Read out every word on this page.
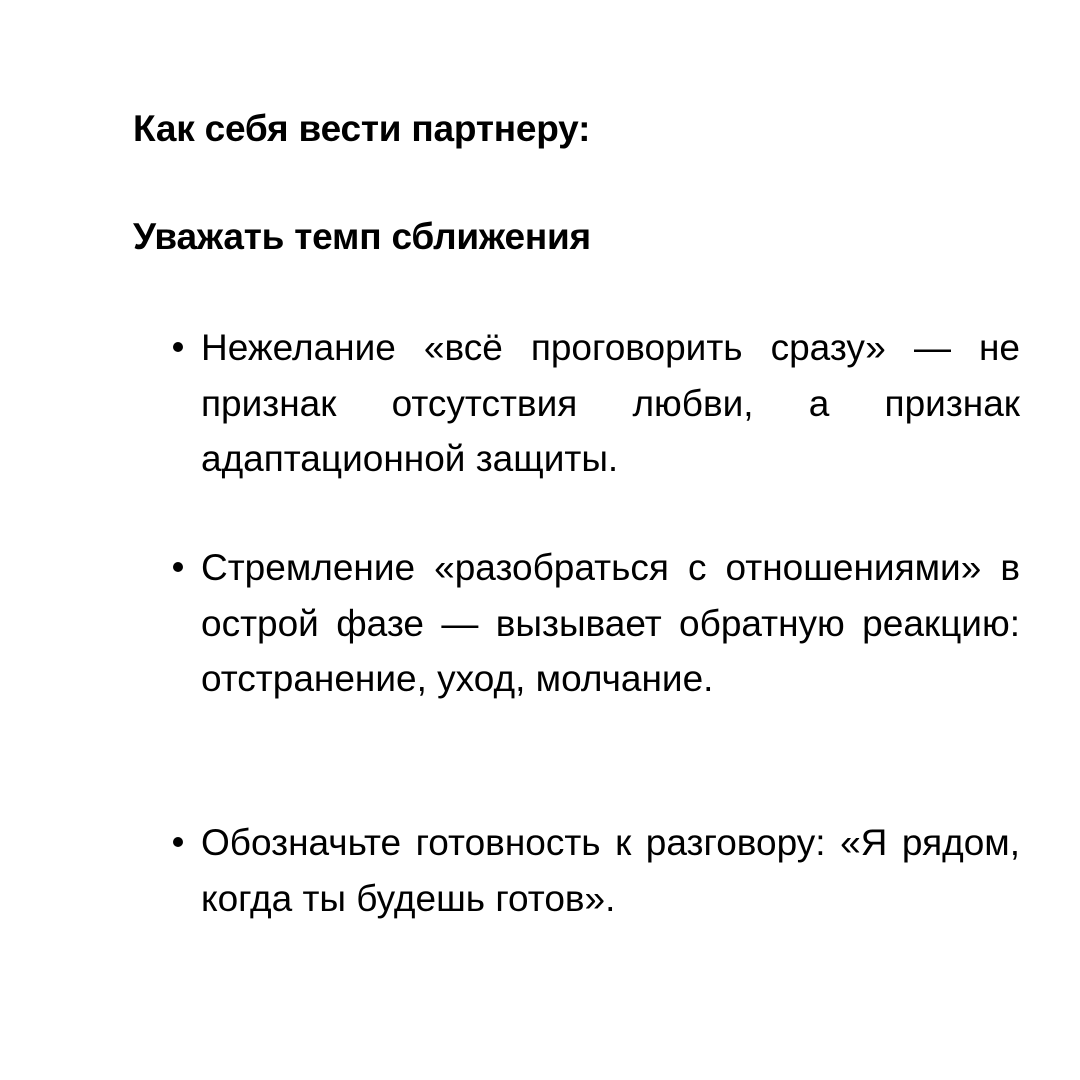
Как себя вести партнеру:
Уважать темп сближения
Нежелание «всё проговорить сразу» — не признак отсутствия любви, а признак адаптационной защиты.
Стремление «разобраться с отношениями» в острой фазе — вызывает обратную реакцию: отстранение, уход, молчание.
Обозначьте готовность к разговору: «Я рядом, когда ты будешь готов».
